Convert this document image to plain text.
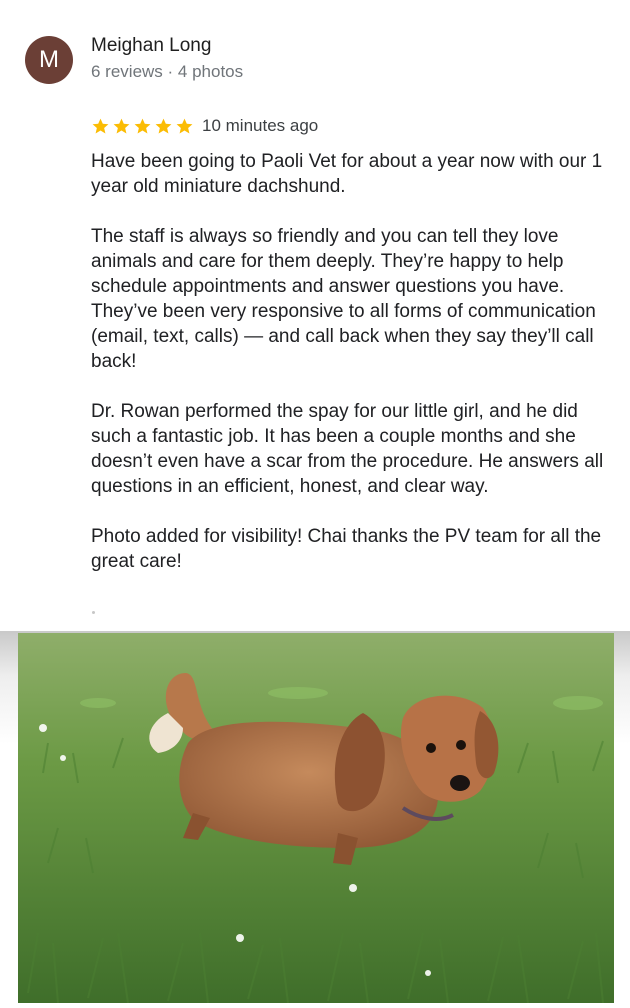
M
Meighan Long
6 reviews · 4 photos
10 minutes ago

Have been going to Paoli Vet for about a year now with our 1 year old miniature dachshund.

The staff is always so friendly and you can tell they love animals and care for them deeply. They’re happy to help schedule appointments and answer questions you have. They’ve been very responsive to all forms of communication (email, text, calls) — and call back when they say they’ll call back!

Dr. Rowan performed the spay for our little girl, and he did such a fantastic job. It has been a couple months and she doesn’t even have a scar from the procedure. He answers all questions in an efficient, honest, and clear way.

Photo added for visibility! Chai thanks the PV team for all the great care!
